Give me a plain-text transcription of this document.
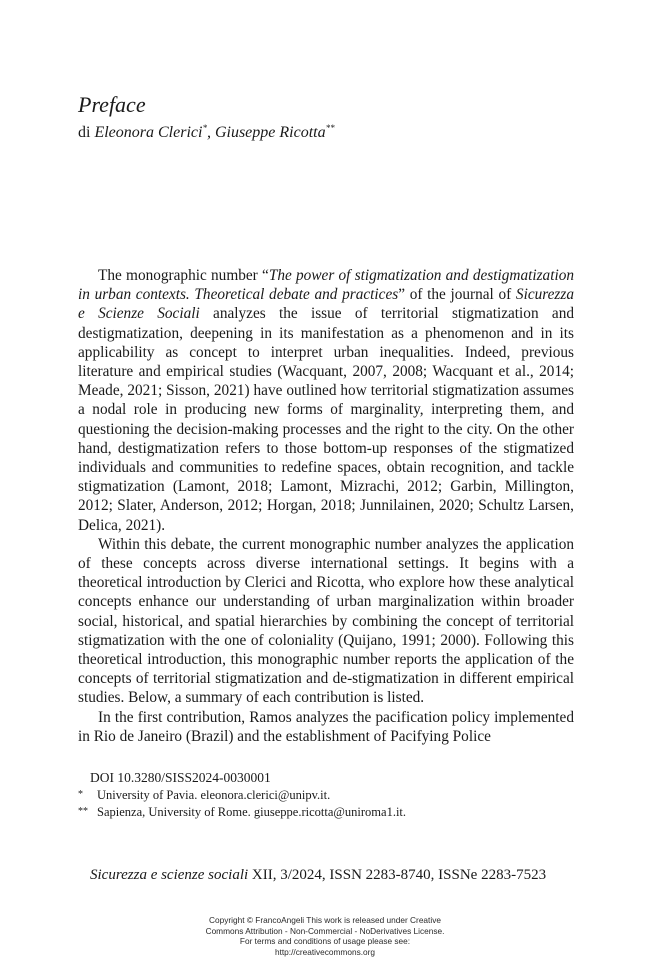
Preface
di Eleonora Clerici*, Giuseppe Ricotta**

The monographic number “The power of stigmatization and destigmatization in urban contexts. Theoretical debate and practices” of the journal of Sicurezza e Scienze Sociali analyzes the issue of territorial stigmatization and destigmatization, deepening in its manifestation as a phenomenon and in its applicability as concept to interpret urban inequalities. Indeed, previous literature and empirical studies (Wacquant, 2007, 2008; Wacquant et al., 2014; Meade, 2021; Sisson, 2021) have outlined how territorial stigmatization assumes a nodal role in producing new forms of marginality, interpreting them, and questioning the decision-making processes and the right to the city. On the other hand, destigmatization refers to those bottom-up responses of the stigmatized individuals and communities to redefine spaces, obtain recognition, and tackle stigmatization (Lamont, 2018; Lamont, Mizrachi, 2012; Garbin, Millington, 2012; Slater, Anderson, 2012; Horgan, 2018; Junnilainen, 2020; Schultz Larsen, Delica, 2021).

Within this debate, the current monographic number analyzes the application of these concepts across diverse international settings. It begins with a theoretical introduction by Clerici and Ricotta, who explore how these analytical concepts enhance our understanding of urban marginalization within broader social, historical, and spatial hierarchies by combining the concept of territorial stigmatization with the one of coloniality (Quijano, 1991; 2000). Following this theoretical introduction, this monographic number reports the application of the concepts of territorial stigmatization and de-stigmatization in different empirical studies. Below, a summary of each contribution is listed.

In the first contribution, Ramos analyzes the pacification policy implemented in Rio de Janeiro (Brazil) and the establishment of Pacifying Police

DOI 10.3280/SISS2024-0030001
* University of Pavia. eleonora.clerici@unipv.it.
** Sapienza, University of Rome. giuseppe.ricotta@uniroma1.it.
Sicurezza e scienze sociali XII, 3/2024, ISSN 2283-8740, ISSNe 2283-7523
Copyright © FrancoAngeli This work is released under Creative
Commons Attribution - Non-Commercial - NoDerivatives License.
For terms and conditions of usage please see:
http://creativecommons.org
